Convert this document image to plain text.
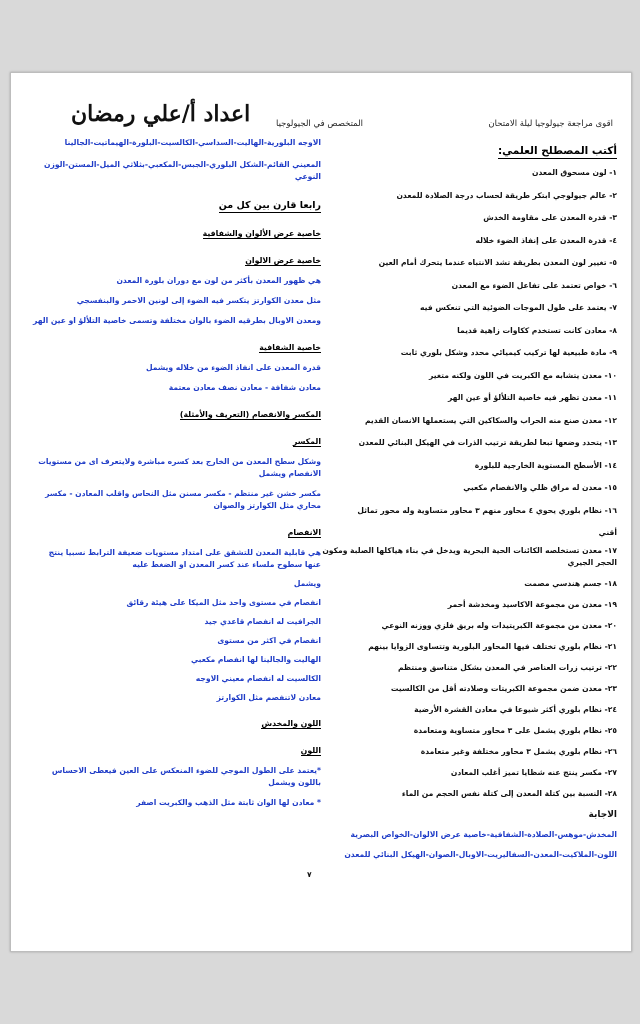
اقوى مراجعة جيولوجيا ليلة الامتحان
المتخصص في الجيولوجيا
اعداد أ/علي رمضان
أكتب المصطلح العلمي:
١- لون مسحوق المعدن
٢- عالم جيولوجي ابتكر طريقة لحساب درجة الصلادة للمعدن
٣- قدرة المعدن على مقاومة الخدش
٤- قدرة المعدن على إنفاذ الضوء خلاله
٥- تغيير لون المعدن بطريقة تشد الانتباه عندما يتحرك أمام العين
٦- خواص تعتمد على تفاعل الضوء مع المعدن
٧- يعتمد على طول الموجات الضوئية التي تنعكس فيه
٨- معادن كانت تستخدم ككاوات زاهية قديما
٩- مادة طبيعية لها تركيب كيميائي محدد وشكل بلوري ثابت
١٠- معدن يتشابه مع الكبريت في اللون ولكنه متغير
١١- معدن تظهر فيه خاصية التلألؤ أو عين الهر
١٢- معدن صنع منه الحراب والسكاكين التي يستعملها الانسان القديم
١٣- يتحدد وضعها تبعا لطريقة ترتيب الذرات في الهيكل البنائي للمعدن
١٤- الأسطح المستوية الخارجية للبلورة
١٥- معدن له مراق ظلي والانفصام مكعبي
١٦- نظام بلوري يحوي ٤ محاور منهم ٣ محاور متساوية وله محور تماثل
أقني
١٧- معدن تستخلصه الكائنات الحية البحرية ويدخل في بناء هياكلها الصلبة ومكون الحجر الجيري
١٨- جسم هندسي مصمت
١٩- معدن من مجموعة الاكاسيد ومخدشة أحمر
٢٠- معدن من مجموعة الكبريتيدات وله بريق فلزي ووزنه النوعي
٢١- نظام بلوري تختلف فيها المحاور البلورية وتتساوى الزوايا بينهم
٢٢- ترتيب زرات العناصر في المعدن بشكل متناسق ومنتظم
٢٣- معدن ضمن مجموعة الكبريتات وصلادته أقل من الكالسيت
٢٤- نظام بلوري أكثر شيوعا في معادن القشرة الأرضية
٢٥- نظام بلوري يشمل على ٣ محاور متساوية ومتعامدة
٢٦- نظام بلوري يشمل ٣ محاور مختلفة وغير متعامدة
٢٧- مكسر ينتج عنه شظايا تميز أغلب المعادن
٢٨- النسبة بين كتلة المعدن إلى كتلة نفس الحجم من الماء
الاجابة
المخدش-موهس-الصلادة-الشفافية-خاصية عرض الالوان-الخواص البصرية
اللون-الملاكيت-المعدن-السفاليريت-الاوبال-الصوان-الهيكل البنائي للمعدن
٧
الاوجه البلورية-الهاليت-السداسي-الكالسيت-البلورة-الهيماتيت-الجالينا
المعيني القائم-الشكل البلوري-الجبس-المكعبي-بثلاثي الميل-المستن-الوزن النوعي
رابعا قارن بين كل من
خاصية عرض الألوان والشفافية
خاصية عرض الالوان
هي ظهور المعدن بأكثر من لون مع دوران بلورة المعدن
مثل معدن الكوارتز يتكسر فيه الضوء إلى لونين الاحمر والبنفسجي
ومعدن الاوبال بطرقيه الضوء بالوان مختلفة وتسمى خاصية التلألؤ او عين الهر
خاصية الشفافية
قدرة المعدن على انفاذ الضوء من خلاله ويشمل
معادن شفافة - معادن نصف معادن معتمة
المكسر والانفصام (التعريف والأمثلة)
المكسر
وشكل سطح المعدن من الخارج بعد كسره مباشرة ولايتعرف اى من مستويات الانفصام ويشمل
مكسر خشن غير منتظم - مكسر مسنن مثل النحاس واقلب المعادن - مكسر محاري مثل الكوارتز والصوان
الانفصام
هي قابلية المعدن للتشقق على امتداد مستويات ضعيفة الترابط نسبيا ينتج عنها سطوح ملساء عند كسر المعدن او الضغط عليه
ويشمل
انفصام في مستوى واحد مثل الميكا على هيئة رقائق
الجرافيت له انفصام قاعدي جيد
انفصام في اكثر من مستوى
الهاليت والجالينا لها انفصام مكعبي
الكالسيت له انفصام معيني الاوجه
معادن لاتنفصم مثل الكوارتز
اللون والمخدش
اللون
*يعتمد على الطول الموجي للضوء المنعكس على العين فيعطى الاحساس باللون ويشمل
* معادن لها الوان ثابتة مثل الذهب والكبريت اصفر
